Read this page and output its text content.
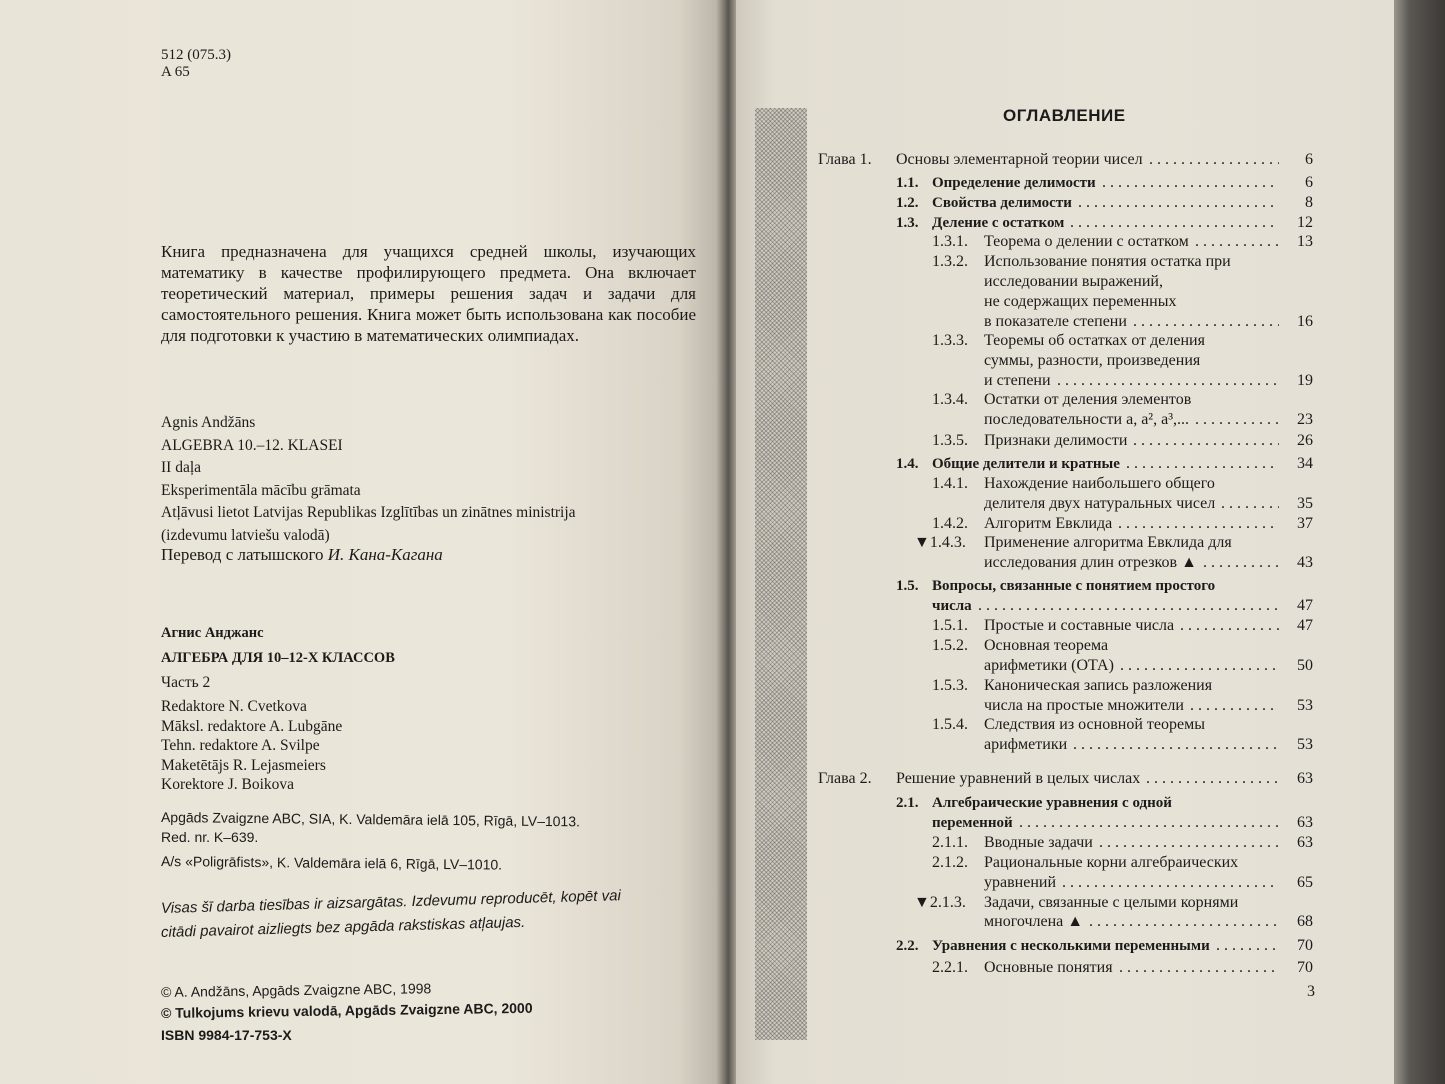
512 (075.3)
A 65
Книга предназначена для учащихся средней школы, изучающих математику в качестве профилирующего предмета. Она включает теоретический материал, примеры решения задач и задачи для самостоятельного решения. Книга может быть использована как пособие для подготовки к участию в математических олимпиадах.
Agnis Andžāns
ALGEBRA 10.–12. KLASEI
II daļa
Eksperimentāla mācību grāmata
Atļāvusi lietot Latvijas Republikas Izglītības un zinātnes ministrija
(izdevumu latviešu valodā)
Перевод с латышского И. Кана-Кагана
Агнис Анджанс
АЛГЕБРА ДЛЯ 10–12-Х КЛАССОВ
Часть 2
Redaktore N. Cvetkova
Māksl. redaktore A. Lubgāne
Tehn. redaktore A. Svilpe
Maketētājs R. Lejasmeiers
Korektore J. Boikova
Apgāds Zvaigzne ABC, SIA, K. Valdemāra ielā 105, Rīgā, LV–1013.
Red. nr. K–639.
A/s «Poligrāfists», K. Valdemāra ielā 6, Rīgā, LV–1010.
Visas šī darba tiesības ir aizsargātas. Izdevumu reproducēt, kopēt vai
citādi pavairot aizliegts bez apgāda rakstiskas atļaujas.
© A. Andžāns, Apgāds Zvaigzne ABC, 1998
© Tulkojums krievu valodā, Apgāds Zvaigzne ABC, 2000
ISBN 9984-17-753-X
ОГЛАВЛЕНИЕ
Глава 1. Основы элементарной теории чисел	6
. . .
1.1. Определение делимости	6
. . .
1.2. Свойства делимости	8
. . .
1.3. Деление с остатком	12
. . .
1.3.1. Теорема о делении с остатком	13
. . .
1.3.2. Использование понятия остатка при
исследовании выражений,
не содержащих переменных
в показателе степени	16
. . .
1.3.3. Теоремы об остатках от деления
суммы, разности, произведения
и степени	19
. . .
1.3.4. Остатки от деления элементов
последовательности a, a², a³,...	23
. . .
1.3.5. Признаки делимости	26
. . .
1.4. Общие делители и кратные	34
. . .
1.4.1. Нахождение наибольшего общего
делителя двух натуральных чисел	35
. . .
1.4.2. Алгоритм Евклида	37
. . .
▼1.4.3. Применение алгоритма Евклида для
исследования длин отрезков ▲	43
. . .
1.5. Вопросы, связанные с понятием простого
числа	47
. . .
1.5.1. Простые и составные числа	47
. . .
1.5.2. Основная теорема
арифметики (ОТА)	50
. . .
1.5.3. Каноническая запись разложения
числа на простые множители	53
. . .
1.5.4. Следствия из основной теоремы
арифметики	53
. . .
Глава 2. Решение уравнений в целых числах	63
. . .
2.1. Алгебраические уравнения с одной
переменной	63
. . .
2.1.1. Вводные задачи	63
. . .
2.1.2. Рациональные корни алгебраических
уравнений	65
. . .
▼2.1.3. Задачи, связанные с целыми корнями
многочлена ▲	68
. . .
2.2. Уравнения с несколькими переменными	70
. . .
2.2.1. Основные понятия	70
. . .
3
